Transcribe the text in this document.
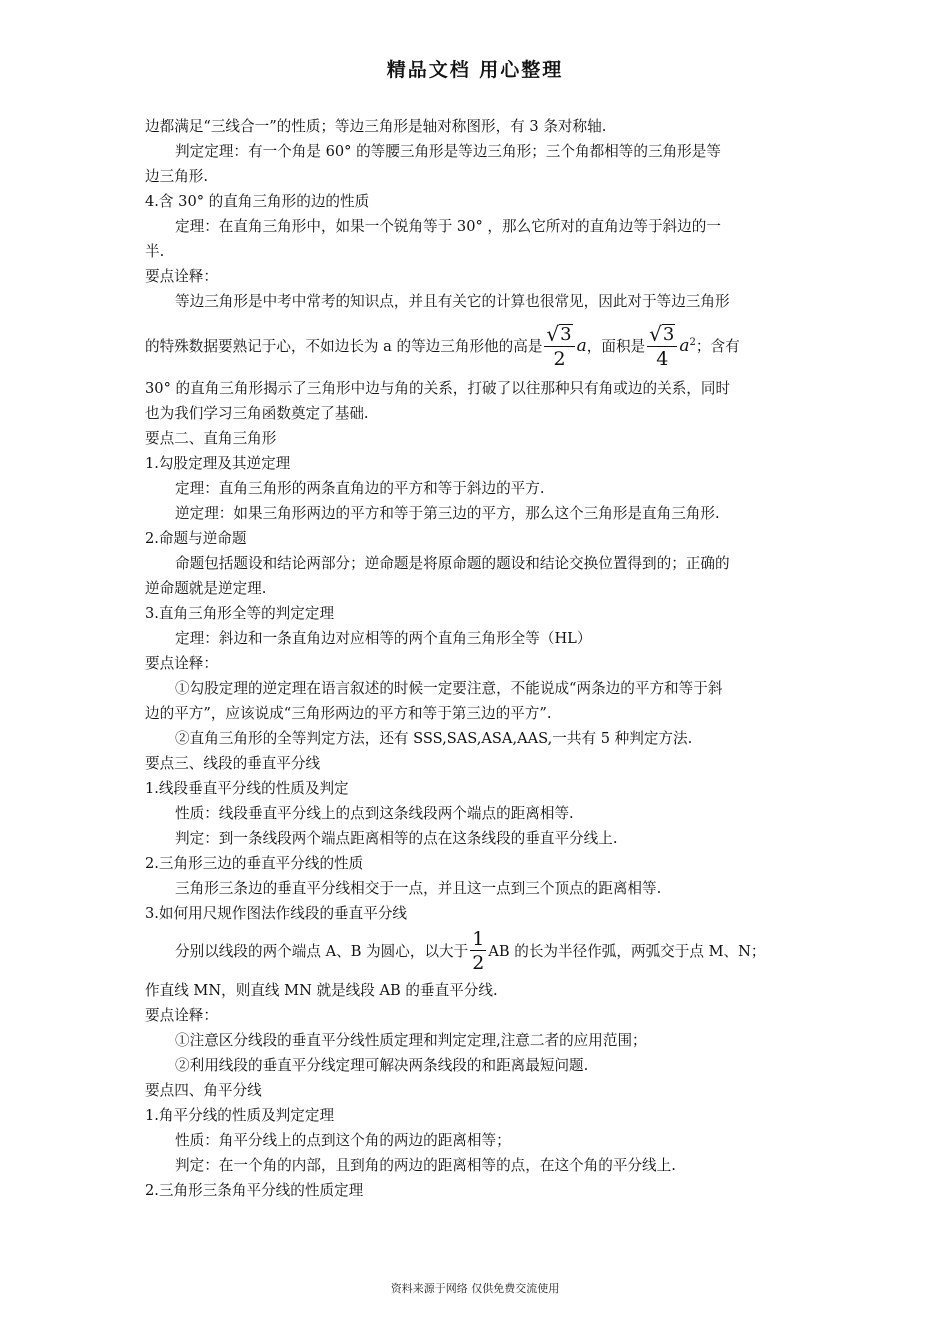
精品文档 用心整理

边都满足“三线合一”的性质；等边三角形是轴对称图形，有 3 条对称轴.

判定定理：有一个角是 60° 的等腰三角形是等边三角形；三个角都相等的三角形是等

边三角形.

4.含 30° 的直角三角形的边的性质

定理：在直角三角形中，如果一个锐角等于 30° ，那么它所对的直角边等于斜边的一

半.

要点诠释：

等边三角形是中考中常考的知识点，并且有关它的计算也很常见，因此对于等边三角形

的特殊数据要熟记于心，不如边长为 a 的等边三角形他的高是 $\frac{√ 3}{2}$ a，面积是 $\frac{√ 3}{4} a^2$；含有

30° 的直角三角形揭示了三角形中边与角的关系，打破了以往那种只有角或边的关系，同时

也为我们学习三角函数奠定了基础.

要点二、直角三角形

1.勾股定理及其逆定理

定理：直角三角形的两条直角边的平方和等于斜边的平方.

逆定理：如果三角形两边的平方和等于第三边的平方，那么这个三角形是直角三角形.

2.命题与逆命题

命题包括题设和结论两部分；逆命题是将原命题的题设和结论交换位置得到的；正确的

逆命题就是逆定理.

3.直角三角形全等的判定定理

定理：斜边和一条直角边对应相等的两个直角三角形全等（HL）

要点诠释：

①勾股定理的逆定理在语言叙述的时候一定要注意，不能说成“两条边的平方和等于斜

边的平方”，应该说成“三角形两边的平方和等于第三边的平方”.

②直角三角形的全等判定方法，还有 SSS,SAS,ASA,AAS,一共有 5 种判定方法.

要点三、线段的垂直平分线

1.线段垂直平分线的性质及判定

性质：线段垂直平分线上的点到这条线段两个端点的距离相等.

判定：到一条线段两个端点距离相等的点在这条线段的垂直平分线上.

2.三角形三边的垂直平分线的性质

三角形三条边的垂直平分线相交于一点，并且这一点到三个顶点的距离相等.

3.如何用尺规作图法作线段的垂直平分线

分别以线段的两个端点 A、B 为圆心，以大于 $\frac{1}{2}$ AB 的长为半径作弧，两弧交于点 M、N；

作直线 MN，则直线 MN 就是线段 AB 的垂直平分线.

要点诠释：

①注意区分线段的垂直平分线性质定理和判定定理,注意二者的应用范围；

②利用线段的垂直平分线定理可解决两条线段的和距离最短问题.

要点四、角平分线

1.角平分线的性质及判定定理

性质：角平分线上的点到这个角的两边的距离相等；

判定：在一个角的内部，且到角的两边的距离相等的点，在这个角的平分线上.

2.三角形三条角平分线的性质定理

资料来源于网络 仅供免费交流使用
